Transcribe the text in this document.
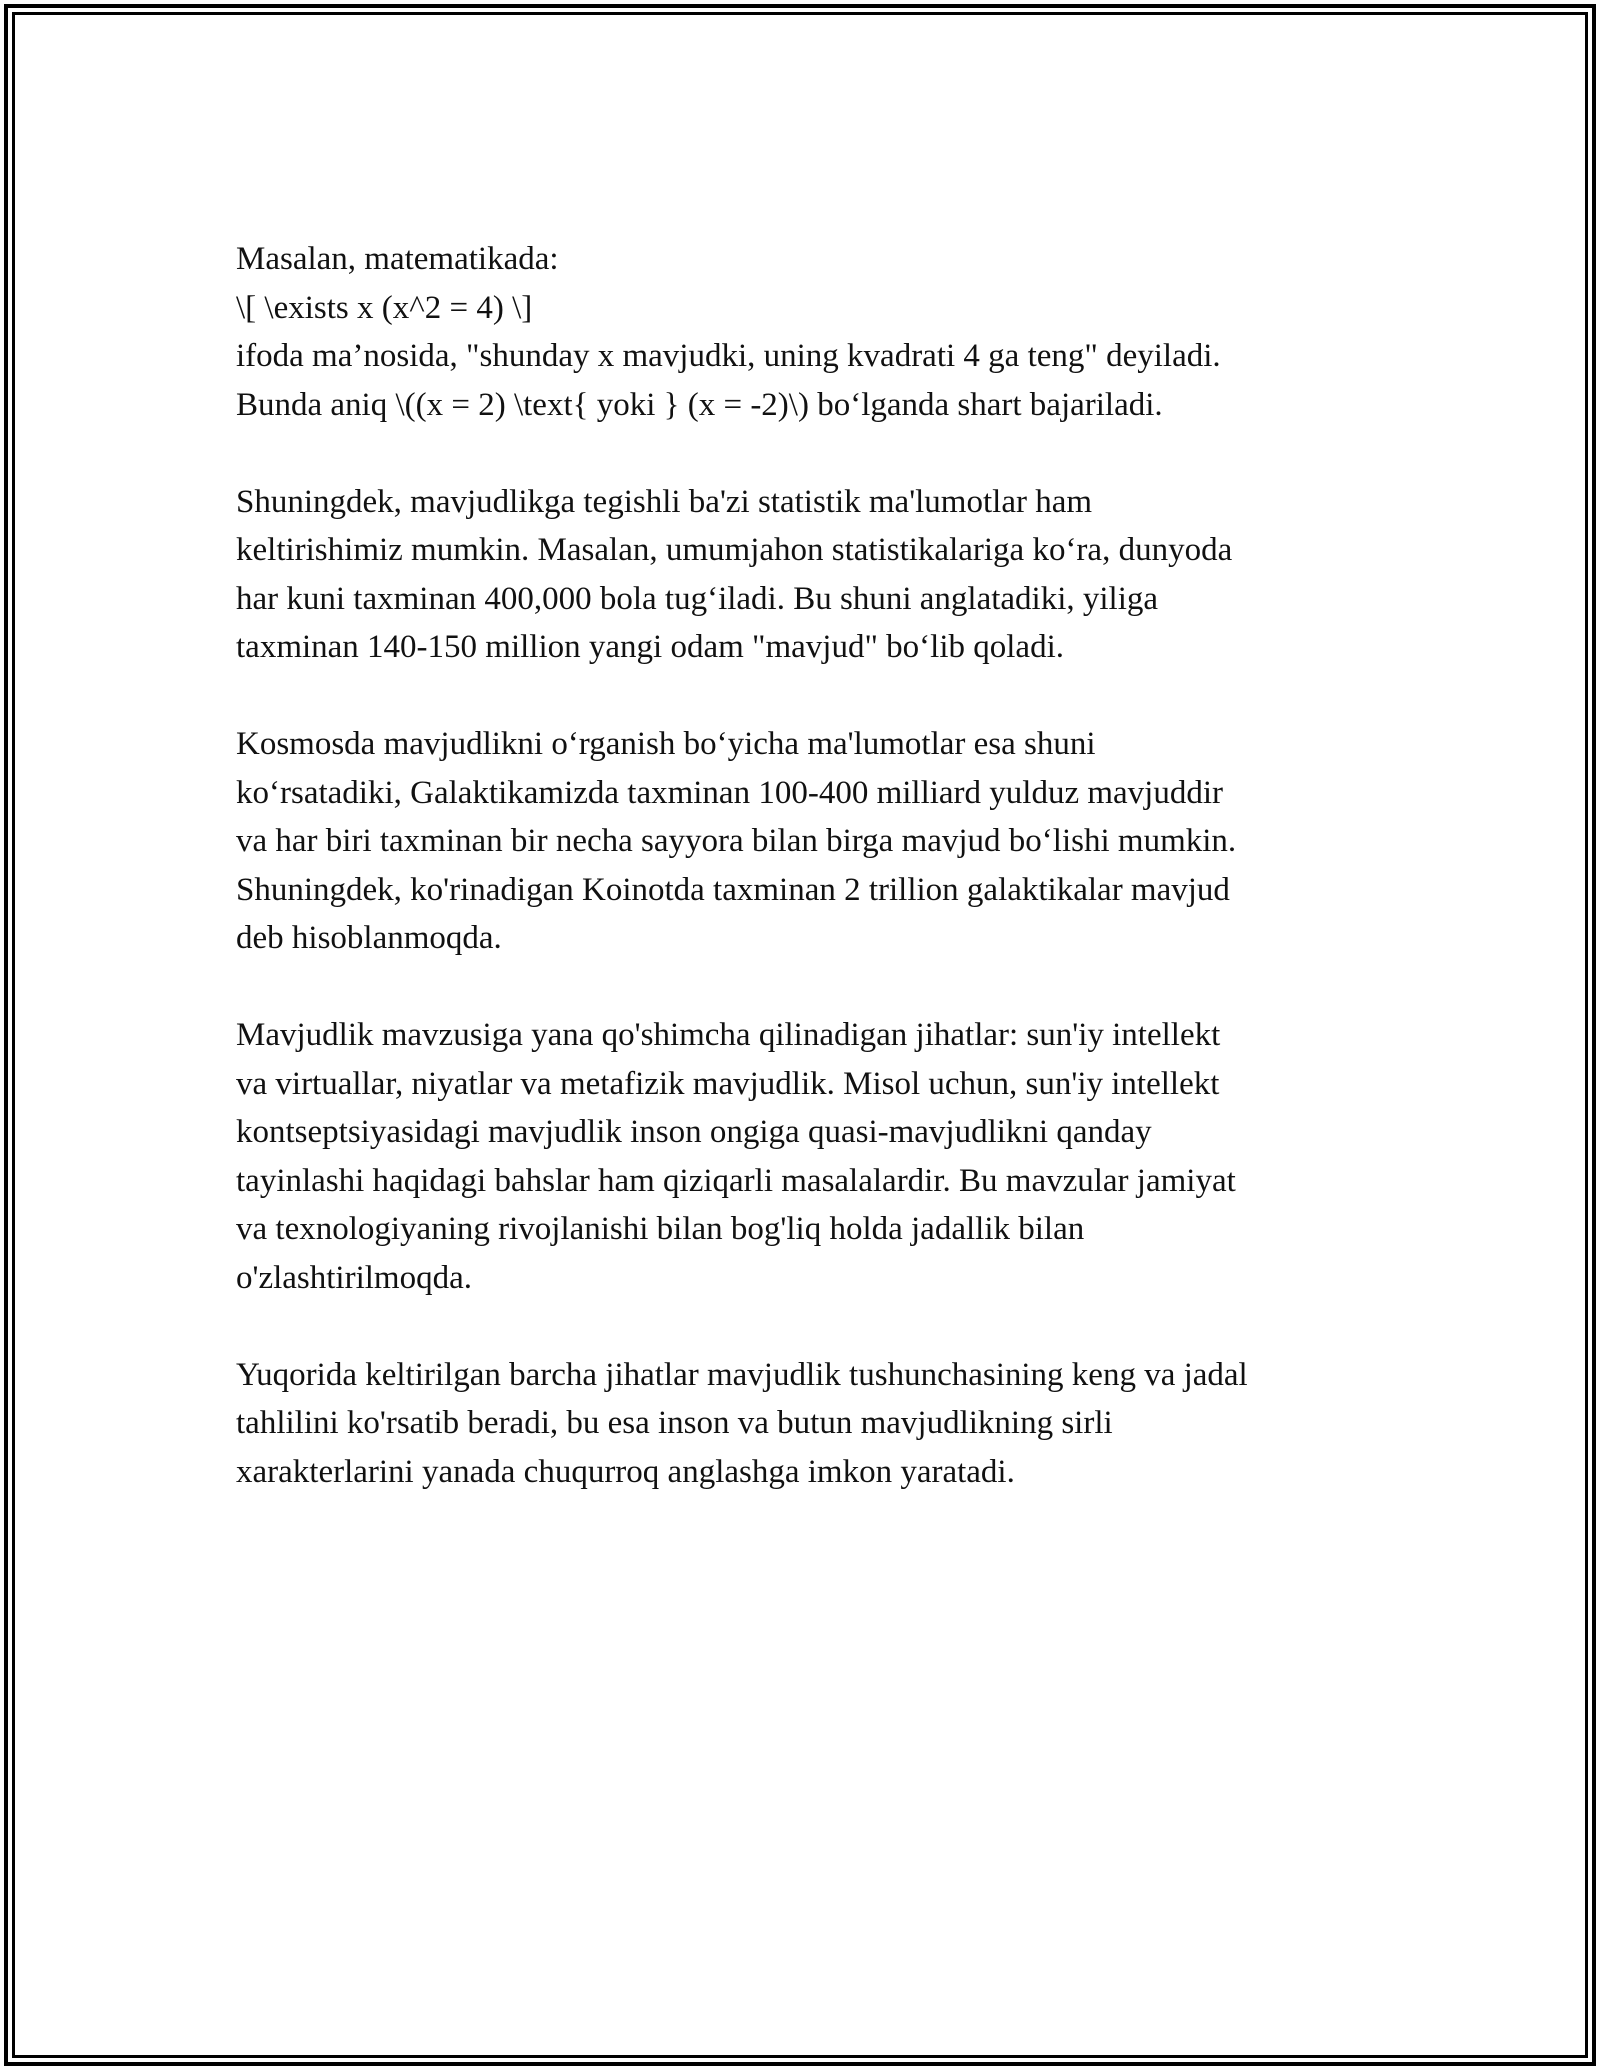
Masalan, matematikada:
\[ \exists x (x^2 = 4) \]
ifoda ma’nosida, "shunday x mavjudki, uning kvadrati 4 ga teng" deyiladi.
Bunda aniq \((x = 2) \text{ yoki } (x = -2)\) bo‘lganda shart bajariladi.

Shuningdek, mavjudlikga tegishli ba'zi statistik ma'lumotlar ham
keltirishimiz mumkin. Masalan, umumjahon statistikalariga ko‘ra, dunyoda
har kuni taxminan 400,000 bola tug‘iladi. Bu shuni anglatadiki, yiliga
taxminan 140-150 million yangi odam "mavjud" bo‘lib qoladi.

Kosmosda mavjudlikni o‘rganish bo‘yicha ma'lumotlar esa shuni
ko‘rsatadiki, Galaktikamizda taxminan 100-400 milliard yulduz mavjuddir
va har biri taxminan bir necha sayyora bilan birga mavjud bo‘lishi mumkin.
Shuningdek, ko'rinadigan Koinotda taxminan 2 trillion galaktikalar mavjud
deb hisoblanmoqda.

Mavjudlik mavzusiga yana qo'shimcha qilinadigan jihatlar: sun'iy intellekt
va virtuallar, niyatlar va metafizik mavjudlik. Misol uchun, sun'iy intellekt
kontseptsiyasidagi mavjudlik inson ongiga quasi-mavjudlikni qanday
tayinlashi haqidagi bahslar ham qiziqarli masalalardir. Bu mavzular jamiyat
va texnologiyaning rivojlanishi bilan bog'liq holda jadallik bilan
o'zlashtirilmoqda.

Yuqorida keltirilgan barcha jihatlar mavjudlik tushunchasining keng va jadal
tahlilini ko'rsatib beradi, bu esa inson va butun mavjudlikning sirli
xarakterlarini yanada chuqurroq anglashga imkon yaratadi.
